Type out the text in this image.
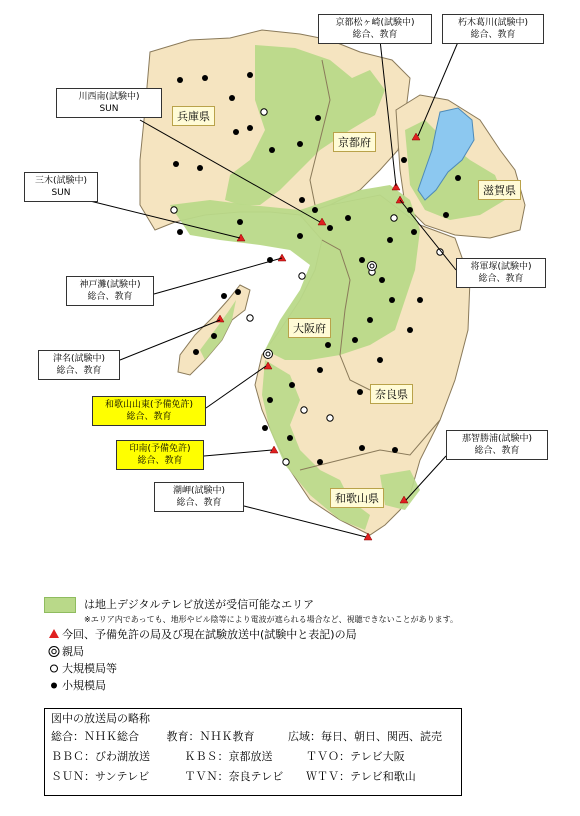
兵庫県
京都府
滋賀県
大阪府
奈良県
和歌山県
川西南(試験中)
SUN
三木(試験中)
SUN
神戸灘(試験中)
総合、教育
津名(試験中)
総合、教育
和歌山山東(予備免許)
総合、教育
印南(予備免許)
総合、教育
潮岬(試験中)
総合、教育
京都松ヶ崎(試験中)
総合、教育
朽木葛川(試験中)
総合、教育
将軍塚(試験中)
総合、教育
那智勝浦(試験中)
総合、教育
は地上デジタルテレビ放送が受信可能なエリア
※エリア内であっても、地形やビル陰等により電波が遮られる場合など、視聴できないことがあります。
今回、予備免許の局及び現在試験放送中(試験中と表記)の局
親局
大規模局等
小規模局
図中の放送局の略称
総合：ＮＨＫ総合	教育：ＮＨＫ教育	広域：毎日、朝日、関西、読売
ＢＢＣ：びわ湖放送	ＫＢＳ：京都放送	ＴＶＯ：テレビ大阪
ＳＵＮ：サンテレビ	ＴＶＮ：奈良テレビ ＷＴＶ：テレビ和歌山
